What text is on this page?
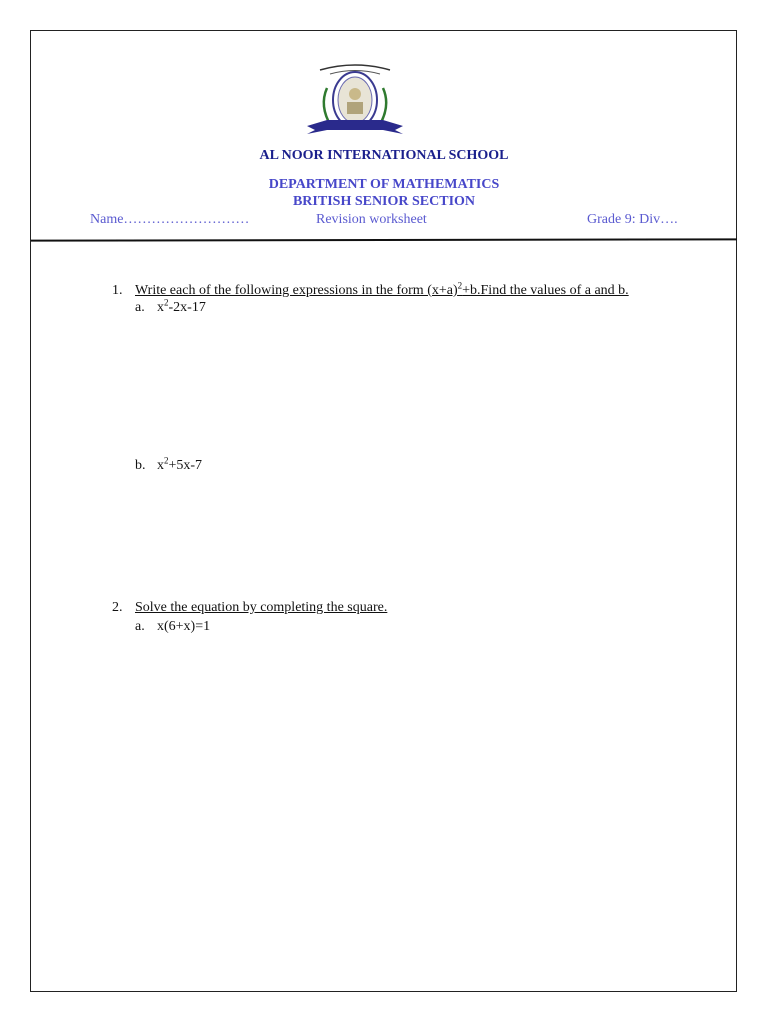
AL NOOR INTERNATIONAL SCHOOL
DEPARTMENT OF MATHEMATICS
BRITISH SENIOR SECTION
Name………………………	Revision worksheet	Grade 9: Div….
1. Write each of the following expressions in the form $(x+a)^2+b.Find$ the values of a and b.
a. $x^2-2x-17$
b. $x^2+5x-7$
2. Solve the equation by completing the square.
a. x(6+x)=1
